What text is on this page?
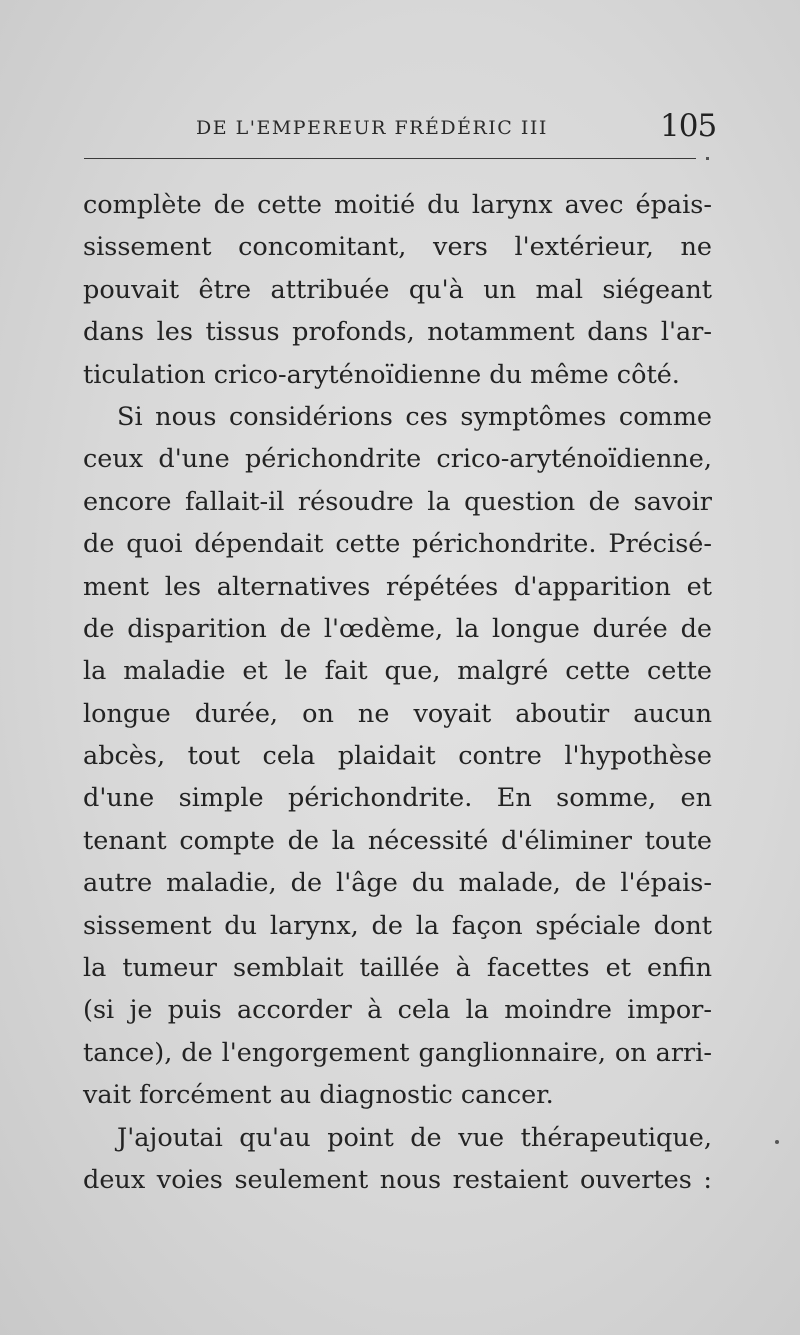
DE L'EMPEREUR FRÉDÉRIC III	105
complète de cette moitié du larynx avec épais-
sissement concomitant, vers l'extérieur, ne
pouvait être attribuée qu'à un mal siégeant
dans les tissus profonds, notamment dans l'ar-
ticulation crico-aryténoïdienne du même côté.
Si nous considérions ces symptômes comme
ceux d'une périchondrite crico-aryténoïdienne,
encore fallait-il résoudre la question de savoir
de quoi dépendait cette périchondrite. Précisé-
ment les alternatives répétées d'apparition et
de disparition de l'œdème, la longue durée de
la maladie et le fait que, malgré cette cette
longue durée, on ne voyait aboutir aucun
abcès, tout cela plaidait contre l'hypothèse
d'une simple périchondrite. En somme, en
tenant compte de la nécessité d'éliminer toute
autre maladie, de l'âge du malade, de l'épais-
sissement du larynx, de la façon spéciale dont
la tumeur semblait taillée à facettes et enfin
(si je puis accorder à cela la moindre impor-
tance), de l'engorgement ganglionnaire, on arri-
vait forcément au diagnostic cancer.
J'ajoutai qu'au point de vue thérapeutique,
deux voies seulement nous restaient ouvertes :
